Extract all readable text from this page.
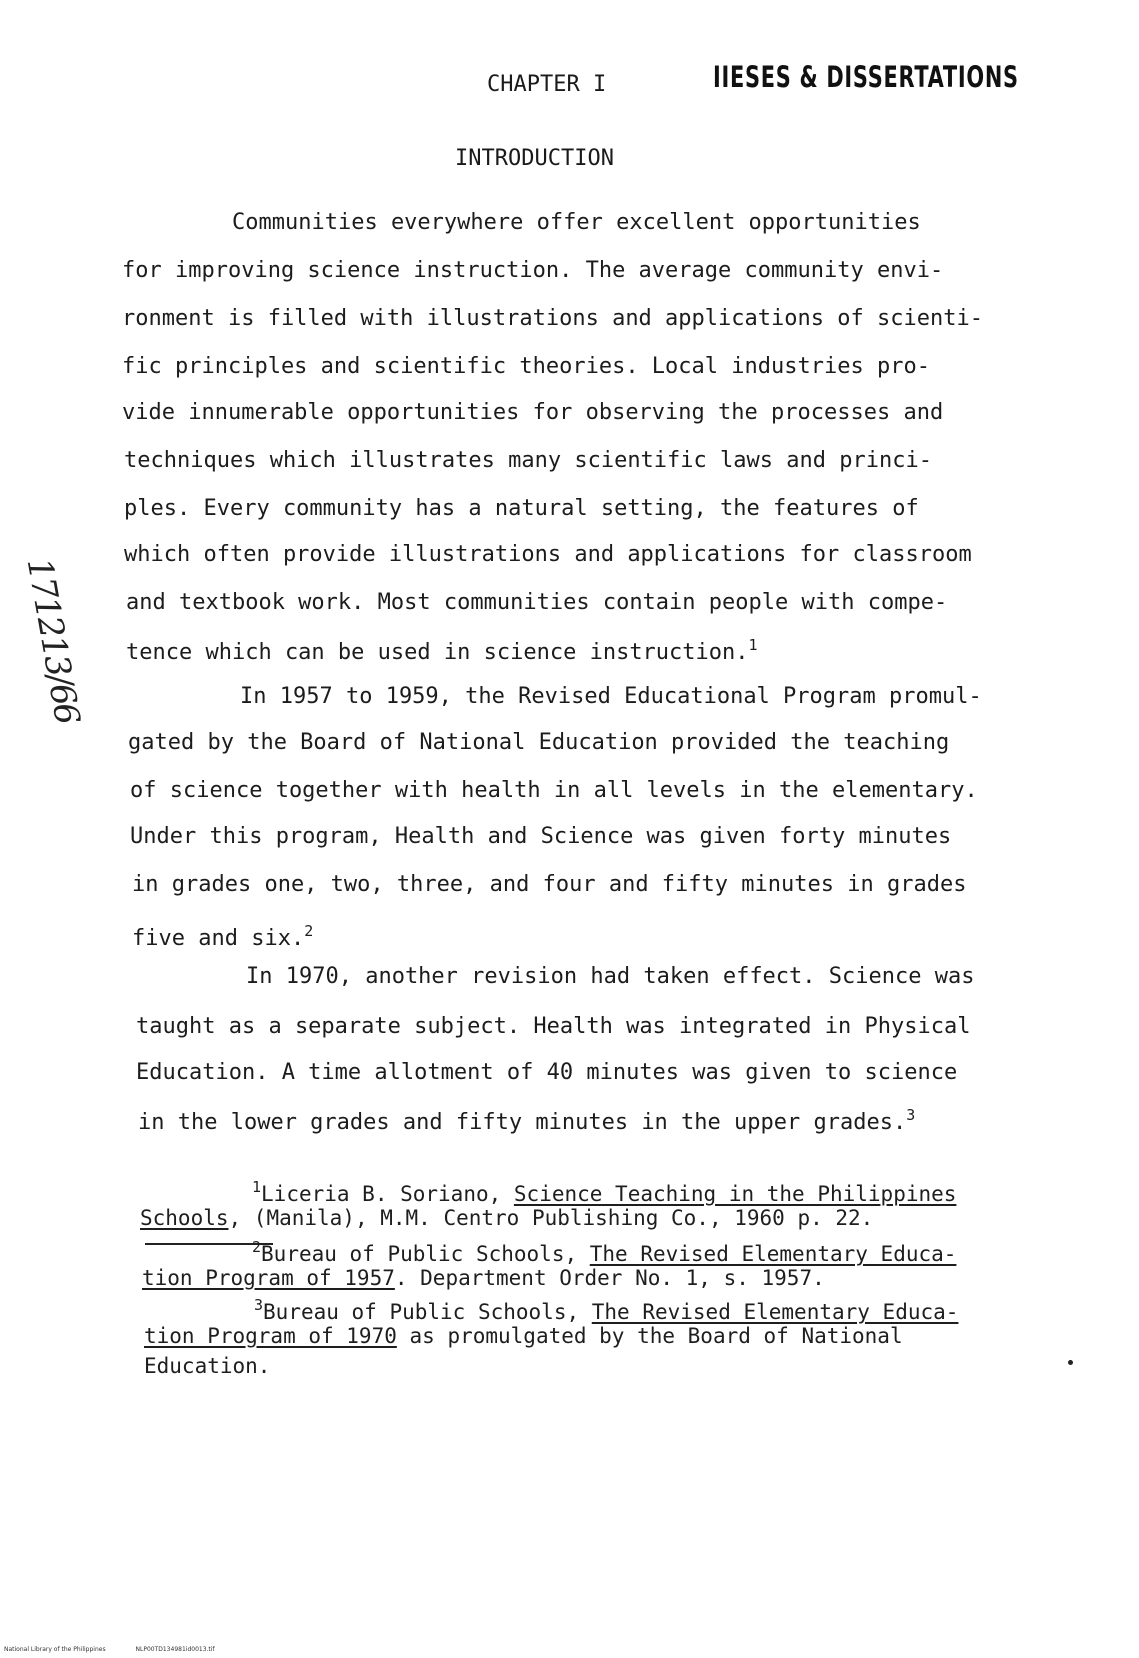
CHAPTER I	IIESES & DISSERTATIONS
INTRODUCTION
171213/66
Communities everywhere offer excellent opportunities
for improving science instruction. The average community envi-
ronment is filled with illustrations and applications of scienti-
fic principles and scientific theories. Local industries pro-
vide innumerable opportunities for observing the processes and
techniques which illustrates many scientific laws and princi-
ples. Every community has a natural setting, the features of
which often provide illustrations and applications for classroom
and textbook work. Most communities contain people with compe-
tence which can be used in science instruction.$^1$
In 1957 to 1959, the Revised Educational Program promul-
gated by the Board of National Education provided the teaching
of science together with health in all levels in the elementary.
Under this program, Health and Science was given forty minutes
in grades one, two, three, and four and fifty minutes in grades
five and six.$^2$
In 1970, another revision had taken effect. Science was
taught as a separate subject. Health was integrated in Physical
Education. A time allotment of 40 minutes was given to science
in the lower grades and fifty minutes in the upper grades.$^3$
$^1$Liceria B. Soriano, Science Teaching in the Philippines
Schools, (Manila), M.M. Centro Publishing Co., 1960 p. 22.
$^2$Bureau of Public Schools, The Revised Elementary Educa-
tion Program of 1957. Department Order No. 1, s. 1957.
$^3$Bureau of Public Schools, The Revised Elementary Educa-
tion Program of 1970 as promulgated by the Board of National
Education.
National Library of the Philippines	NLP00TD134981id0013.tif
